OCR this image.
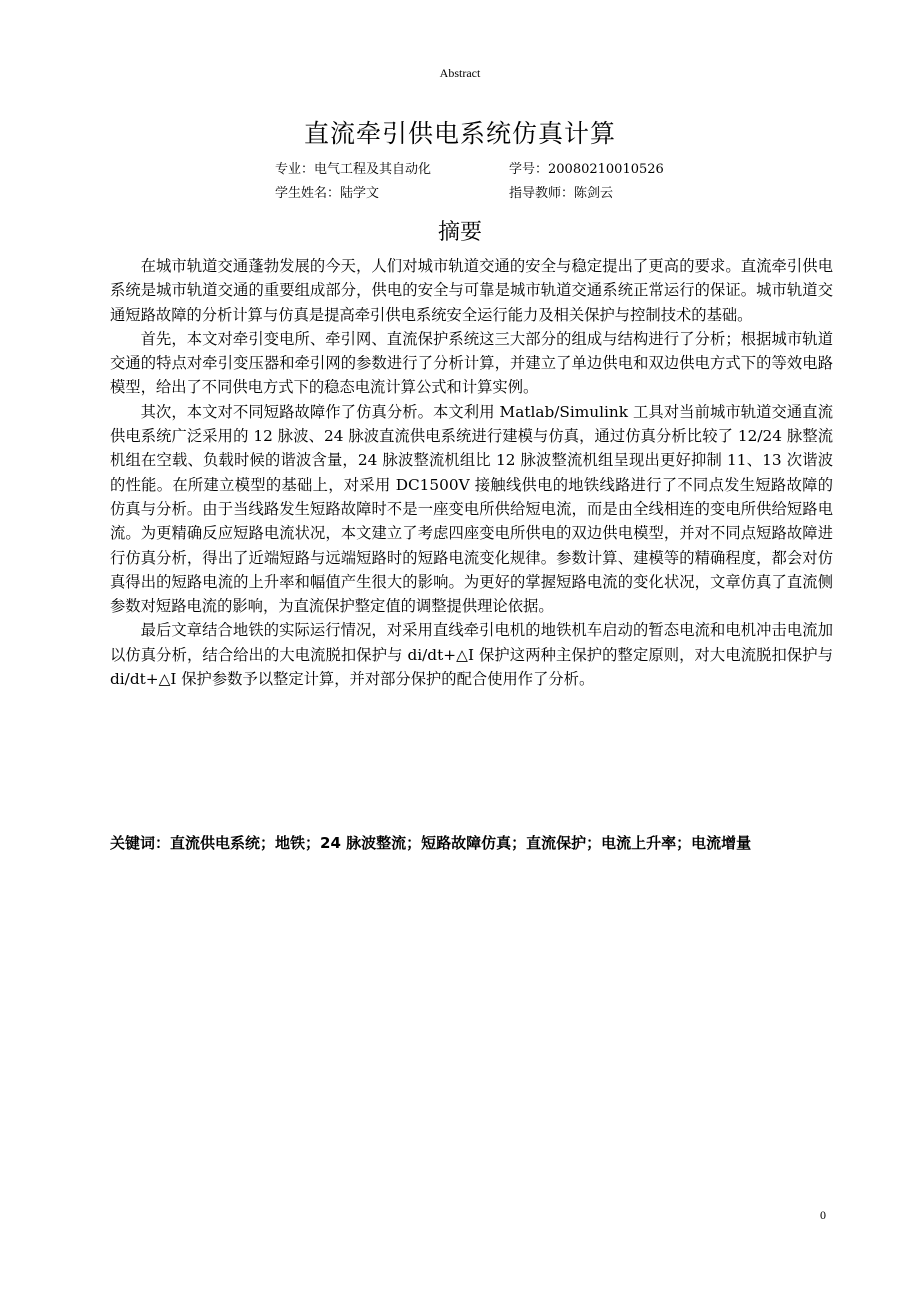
Abstract
直流牵引供电系统仿真计算
专业：电气工程及其自动化	学号：20080210010526
学生姓名：陆学文	指导教师：陈剑云
摘要

在城市轨道交通蓬勃发展的今天，人们对城市轨道交通的安全与稳定提出了更高的要求。直流牵引供电系统是城市轨道交通的重要组成部分，供电的安全与可靠是城市轨道交通系统正常运行的保证。城市轨道交通短路故障的分析计算与仿真是提高牵引供电系统安全运行能力及相关保护与控制技术的基础。

首先，本文对牵引变电所、牵引网、直流保护系统这三大部分的组成与结构进行了分析；根据城市轨道交通的特点对牵引变压器和牵引网的参数进行了分析计算，并建立了单边供电和双边供电方式下的等效电路模型，给出了不同供电方式下的稳态电流计算公式和计算实例。

其次，本文对不同短路故障作了仿真分析。本文利用 Matlab/Simulink 工具对当前城市轨道交通直流供电系统广泛采用的 12 脉波、24 脉波直流供电系统进行建模与仿真，通过仿真分析比较了 12/24 脉整流机组在空载、负载时候的谐波含量，24 脉波整流机组比 12 脉波整流机组呈现出更好抑制 11、13 次谐波的性能。在所建立模型的基础上，对采用 DC1500V 接触线供电的地铁线路进行了不同点发生短路故障的仿真与分析。由于当线路发生短路故障时不是一座变电所供给短电流，而是由全线相连的变电所供给短路电流。为更精确反应短路电流状况，本文建立了考虑四座变电所供电的双边供电模型，并对不同点短路故障进行仿真分析，得出了近端短路与远端短路时的短路电流变化规律。参数计算、建模等的精确程度，都会对仿真得出的短路电流的上升率和幅值产生很大的影响。为更好的掌握短路电流的变化状况，文章仿真了直流侧参数对短路电流的影响，为直流保护整定值的调整提供理论依据。

最后文章结合地铁的实际运行情况，对采用直线牵引电机的地铁机车启动的暂态电流和电机冲击电流加以仿真分析，结合给出的大电流脱扣保护与 di/dt+△I 保护这两种主保护的整定原则，对大电流脱扣保护与 di/dt+△I 保护参数予以整定计算，并对部分保护的配合使用作了分析。

关键词：直流供电系统；地铁；24 脉波整流；短路故障仿真；直流保护；电流上升率；电流增量
0
